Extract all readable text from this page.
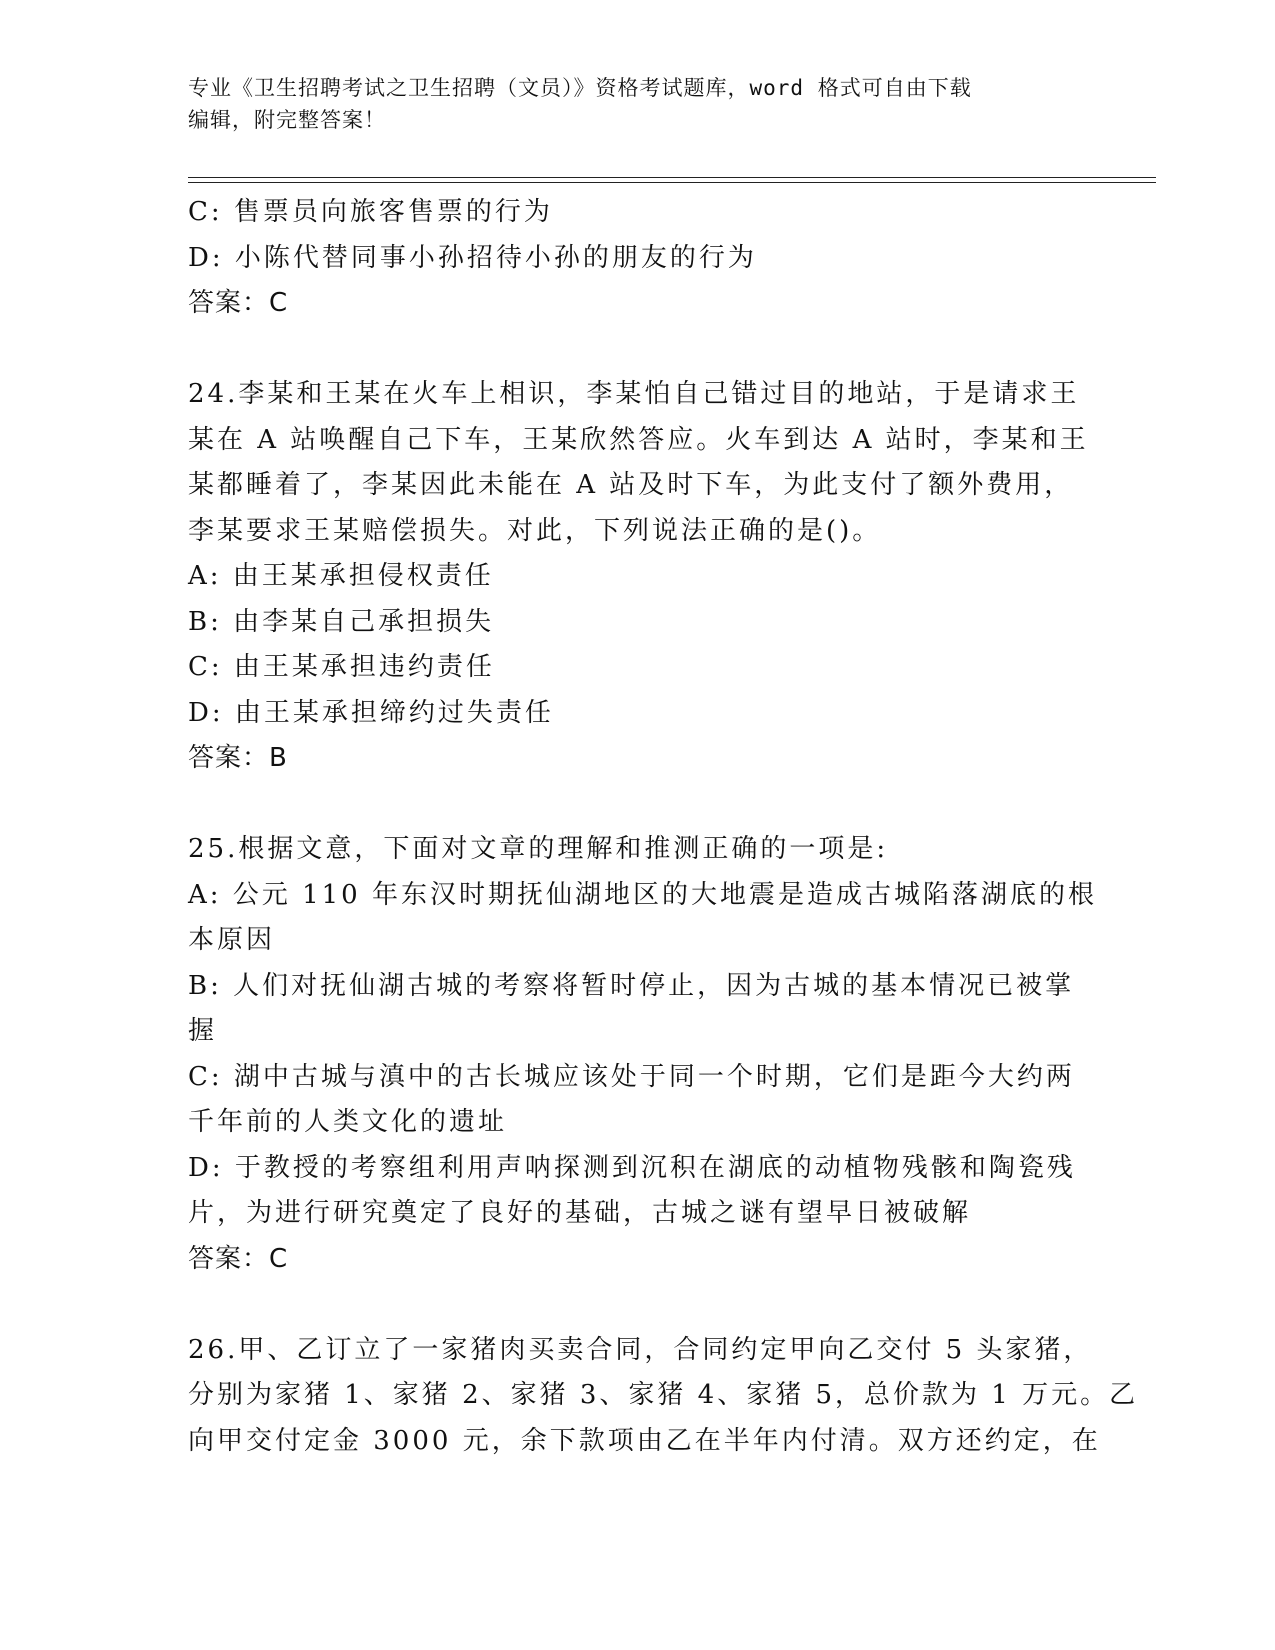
专业《卫生招聘考试之卫生招聘（文员）》资格考试题库，word 格式可自由下载
编辑，附完整答案！
C: 售票员向旅客售票的行为
D: 小陈代替同事小孙招待小孙的朋友的行为
答案：C
24.李某和王某在火车上相识，李某怕自己错过目的地站，于是请求王
某在 A 站唤醒自己下车，王某欣然答应。火车到达 A 站时，李某和王
某都睡着了，李某因此未能在 A 站及时下车，为此支付了额外费用，
李某要求王某赔偿损失。对此，下列说法正确的是()。
A: 由王某承担侵权责任
B: 由李某自己承担损失
C: 由王某承担违约责任
D: 由王某承担缔约过失责任
答案：B
25.根据文意，下面对文章的理解和推测正确的一项是:
A: 公元 110 年东汉时期抚仙湖地区的大地震是造成古城陷落湖底的根
本原因
B: 人们对抚仙湖古城的考察将暂时停止，因为古城的基本情况已被掌
握
C: 湖中古城与滇中的古长城应该处于同一个时期，它们是距今大约两
千年前的人类文化的遗址
D: 于教授的考察组利用声呐探测到沉积在湖底的动植物残骸和陶瓷残
片，为进行研究奠定了良好的基础，古城之谜有望早日被破解
答案：C
26.甲、乙订立了一家猪肉买卖合同，合同约定甲向乙交付 5 头家猪，
分别为家猪 1、家猪 2、家猪 3、家猪 4、家猪 5，总价款为 1 万元。乙
向甲交付定金 3000 元，余下款项由乙在半年内付清。双方还约定，在
